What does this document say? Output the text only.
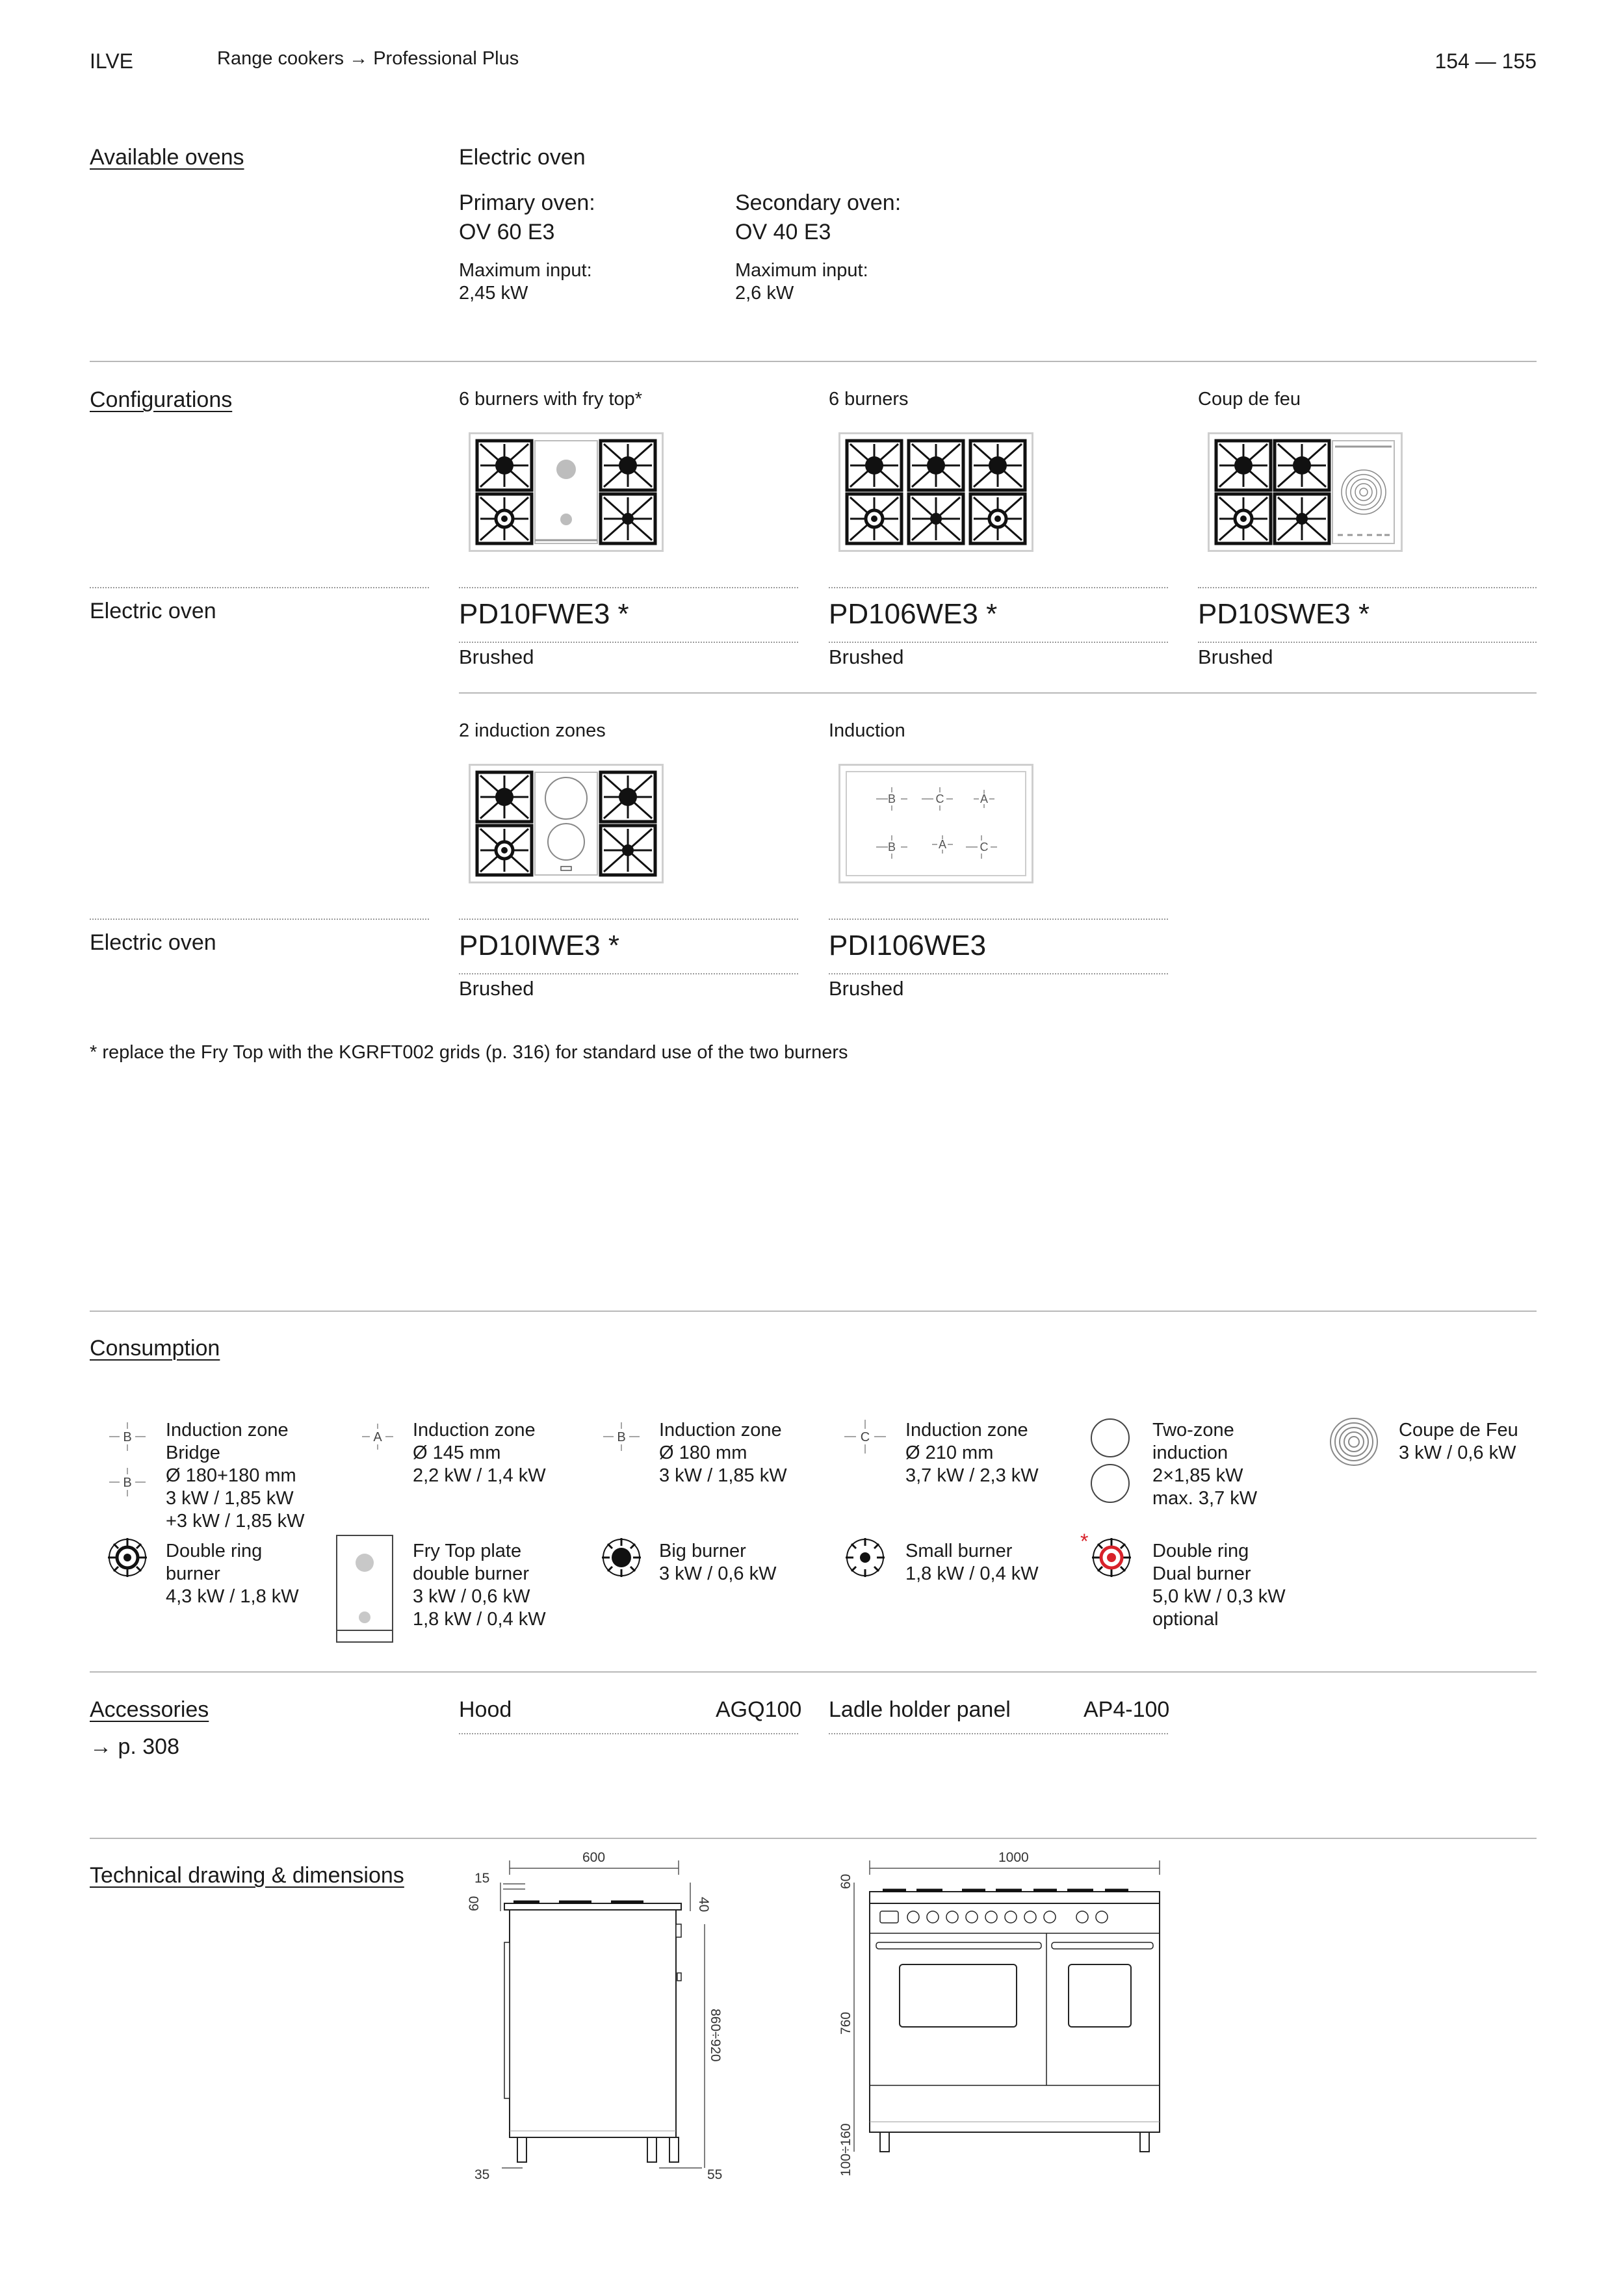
ILVE	Range cookers → Professional Plus	154 — 155
Available ovens	Electric oven
Primary oven:
OV 60 E3
Maximum input:
2,45 kW
Secondary oven:
OV 40 E3
Maximum input:
2,6 kW
Configurations	6 burners with fry top*	6 burners	Coup de feu
Electric oven	PD10FWE3 *	PD106WE3 *	PD10SWE3 *
Brushed	Brushed	Brushed
2 induction zones	Induction
B	C	A
B	A	C
Electric oven	PD10IWE3 *	PDI106WE3
Brushed	Brushed
* replace the Fry Top with the KGRFT002 grids (p. 316) for standard use of the two burners
Consumption
B
B
A	B	C
Induction zone
Bridge
Ø 180+180 mm
3 kW / 1,85 kW
+3 kW / 1,85 kW
Induction zone
Ø 145 mm
2,2 kW / 1,4 kW
Induction zone
Ø 180 mm
3 kW / 1,85 kW
Induction zone
Ø 210 mm
3,7 kW / 2,3 kW
Two-zone
induction
2×1,85 kW
max. 3,7 kW
Coupe de Feu
3 kW / 0,6 kW
*
Double ring
burner
4,3 kW / 1,8 kW
Fry Top plate
double burner
3 kW / 0,6 kW
1,8 kW / 0,4 kW
Big burner
3 kW / 0,6 kW
Small burner
1,8 kW / 0,4 kW
Double ring
Dual burner
5,0 kW / 0,3 kW
optional
Accessories
→ p. 308
Hood	AGQ100 Ladle holder panel	AP4-100
Technical drawing & dimensions
600
15
35	55
60	40
860÷920
1000
60
760
100÷160
